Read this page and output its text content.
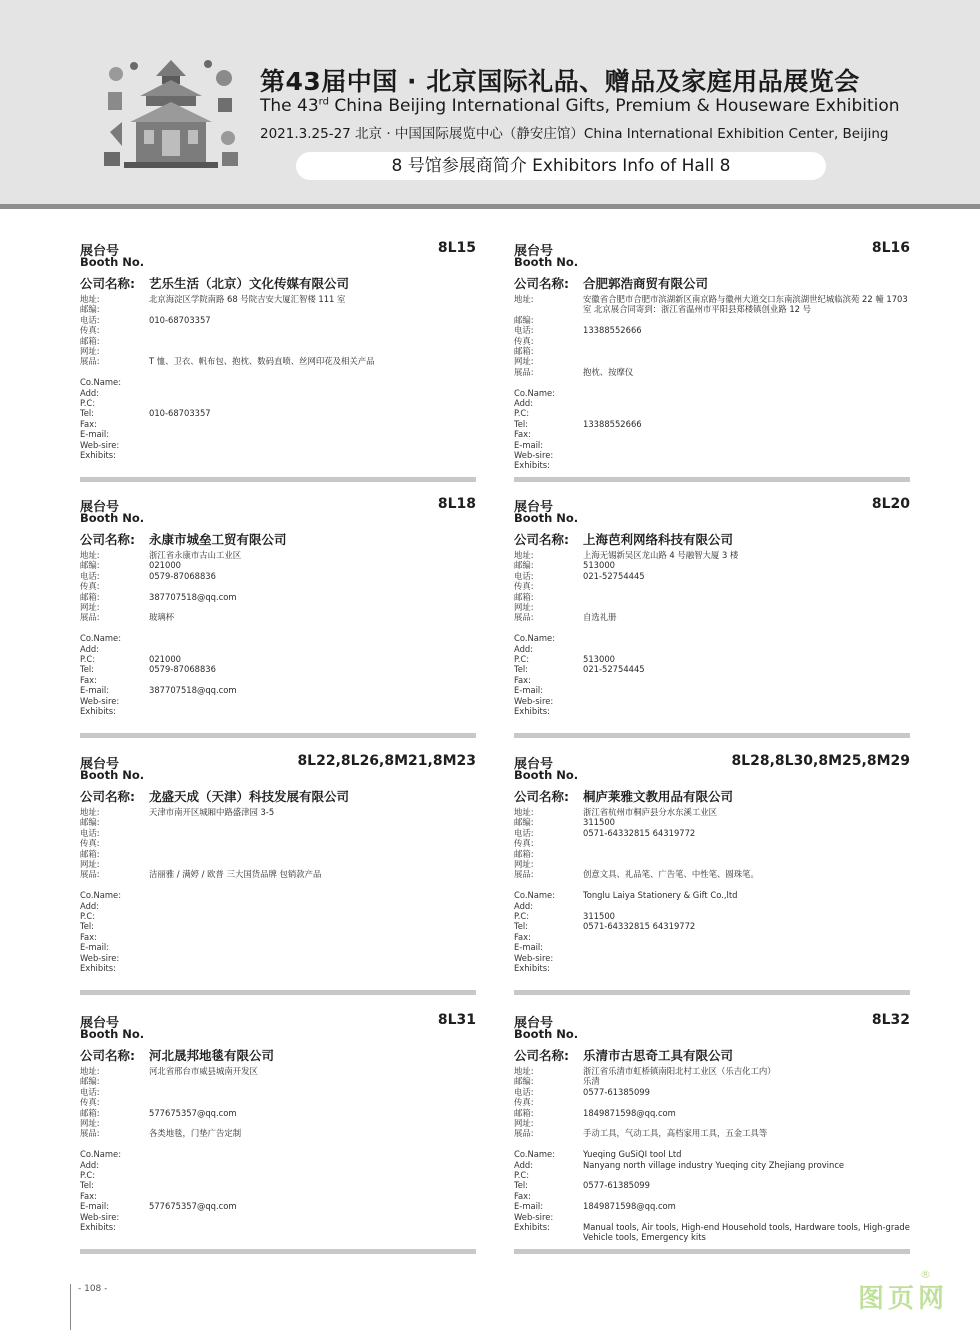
第43届中国 · 北京国际礼品、赠品及家庭用品展览会
The 43rd China Beijing International Gifts, Premium & Houseware Exhibition
2021.3.25-27 北京 · 中国国际展览中心（静安庄馆）China International Exhibition Center, Beijing
8 号馆参展商简介 Exhibitors Info of Hall 8
展台号
Booth No.
8L15
公司名称: 艺乐生活（北京）文化传媒有限公司
地址:	北京海淀区学院南路 68 号院吉安大厦汇智楼 111 室
邮编:
电话:	010-68703357
传真:
邮箱:
网址:
展品:	T 恤、卫衣、帆布包、抱枕、数码直喷、丝网印花及相关产品
Co.Name:
Add:
P.C:
Tel:	010-68703357
Fax:
E-mail:
Web-sire:
Exhibits:
展台号
Booth No.
8L16
公司名称: 合肥郭浩商贸有限公司
地址:	安徽省合肥市合肥市滨湖新区南京路与徽州大道交口东南滨湖世纪城临滨苑 22 幢 1703 室 北京展合同寄到：浙江省温州市平阳县郑楼镇创业路 12 号
邮编:
电话:	13388552666
传真:
邮箱:
网址:
展品:	抱枕、按摩仪
Co.Name:
Add:
P.C:
Tel:	13388552666
Fax:
E-mail:
Web-sire:
Exhibits:
展台号
Booth No.
8L18
公司名称: 永康市城垒工贸有限公司
地址:	浙江省永康市古山工业区
邮编:	021000
电话:	0579-87068836
传真:
邮箱:	387707518@qq.com
网址:
展品:	玻璃杯
Co.Name:
Add:
P.C:	021000
Tel:	0579-87068836
Fax:
E-mail:	387707518@qq.com
Web-sire:
Exhibits:
展台号
Booth No.
8L20
公司名称: 上海芭利网络科技有限公司
地址:	上海无锡新吴区龙山路 4 号融智大厦 3 楼
邮编:	513000
电话:	021-52754445
传真:
邮箱:
网址:
展品:	自选礼册
Co.Name:
Add:
P.C:	513000
Tel:	021-52754445
Fax:
E-mail:
Web-sire:
Exhibits:
展台号
Booth No.
8L22,8L26,8M21,8M23
公司名称: 龙盛天成（天津）科技发展有限公司
地址:	天津市南开区城厢中路盛津园 3-5
邮编:
电话:
传真:
邮箱:
网址:
展品:	洁丽雅 / 满婷 / 欧普 三大国货品牌 包销款产品
Co.Name:
Add:
P.C:
Tel:
Fax:
E-mail:
Web-sire:
Exhibits:
展台号
Booth No.
8L28,8L30,8M25,8M29
公司名称: 桐庐莱雅文教用品有限公司
地址:	浙江省杭州市桐庐县分水东溪工业区
邮编:	311500
电话:	0571-64332815 64319772
传真:
邮箱:
网址:
展品:	创意文具、礼品笔、广告笔、中性笔、圆珠笔。
Co.Name:	Tonglu Laiya Stationery & Gift Co.,ltd
Add:
P.C:	311500
Tel:	0571-64332815 64319772
Fax:
E-mail:
Web-sire:
Exhibits:
展台号
Booth No.
8L31
公司名称: 河北晟邦地毯有限公司
地址:	河北省邢台市威县城南开发区
邮编:
电话:
传真:
邮箱:	577675357@qq.com
网址:
展品:	各类地毯，门垫广告定制
Co.Name:
Add:
P.C:
Tel:
Fax:
E-mail:	577675357@qq.com
Web-sire:
Exhibits:
展台号
Booth No.
8L32
公司名称: 乐清市古思奇工具有限公司
地址:	浙江省乐清市虹桥镇南阳北村工业区（乐吉化工内）
邮编:	乐清
电话:	0577-61385099
传真:
邮箱:	1849871598@qq.com
网址:
展品:	手动工具，气动工具，高档家用工具，五金工具等
Co.Name:	Yueqing GuSiQI tool Ltd
Add:	Nanyang north village industry Yueqing city Zhejiang province
P.C:
Tel:	0577-61385099
Fax:
E-mail:	1849871598@qq.com
Web-sire:
Exhibits:	Manual tools, Air tools, High-end Household tools, Hardware tools, High-grade Vehicle tools, Emergency kits
- 108 -	图页网
®
